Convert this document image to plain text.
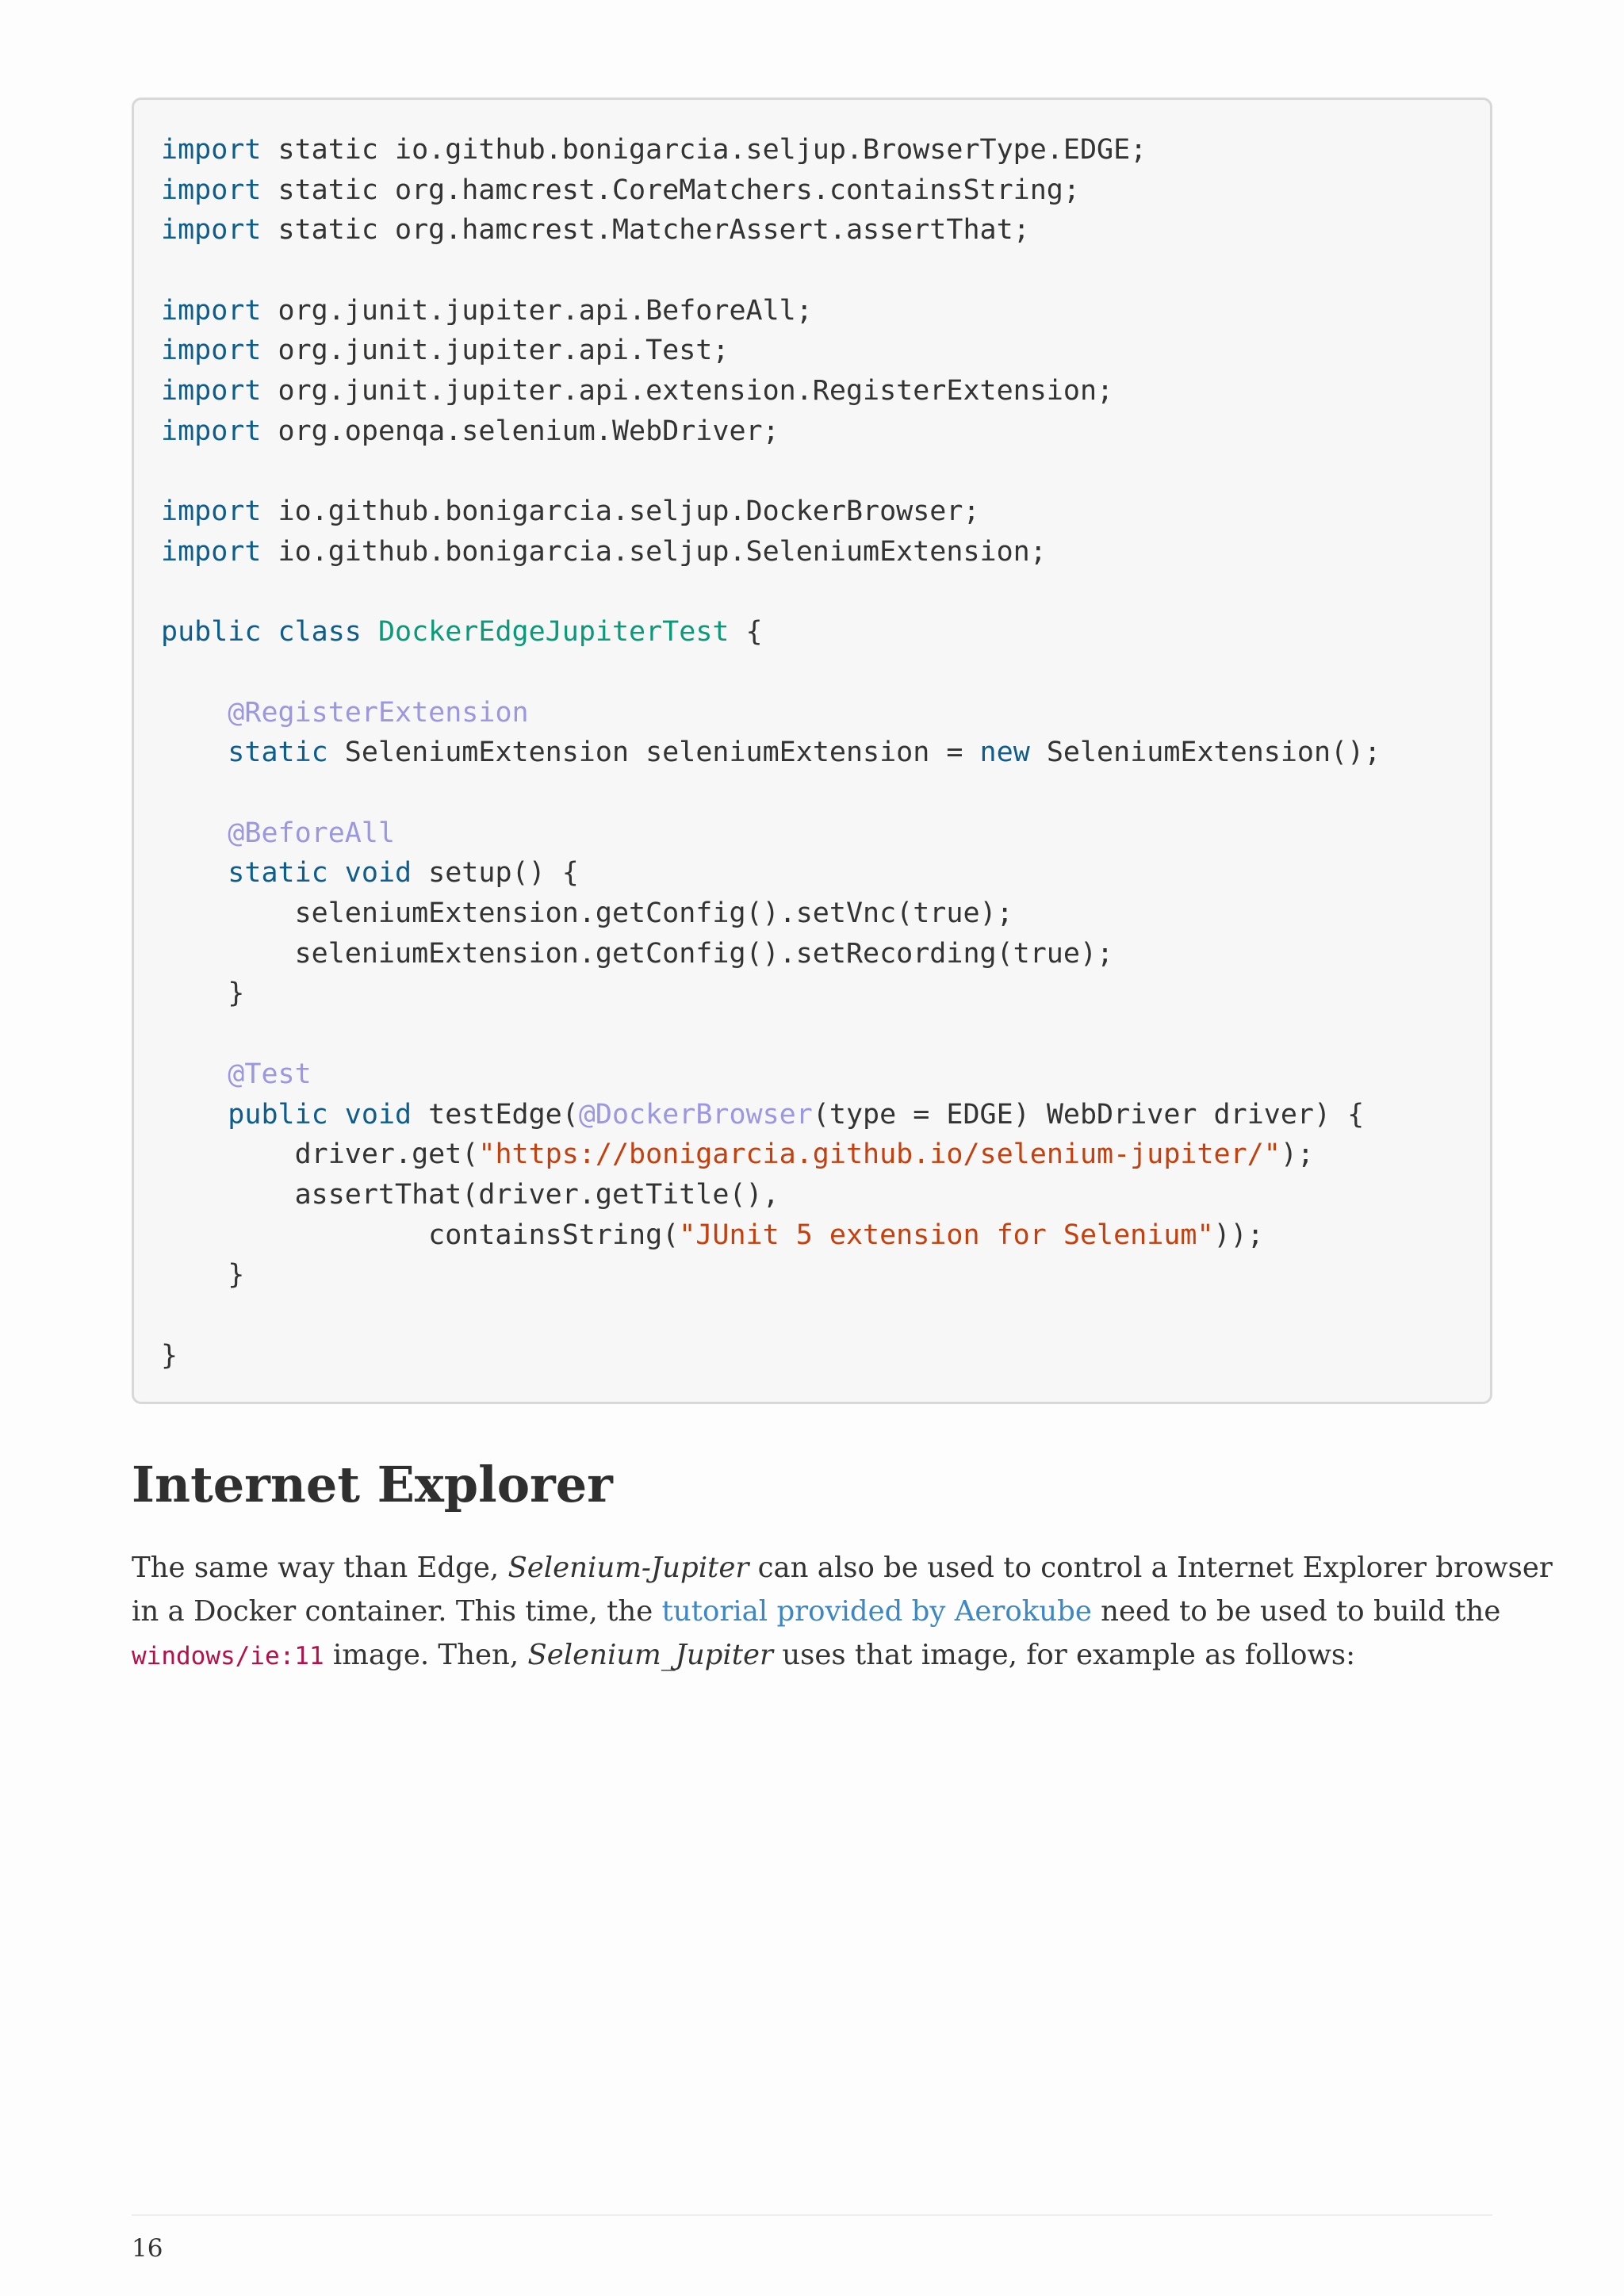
import static io.github.bonigarcia.seljup.BrowserType.EDGE;
import static org.hamcrest.CoreMatchers.containsString;
import static org.hamcrest.MatcherAssert.assertThat;

import org.junit.jupiter.api.BeforeAll;
import org.junit.jupiter.api.Test;
import org.junit.jupiter.api.extension.RegisterExtension;
import org.openqa.selenium.WebDriver;

import io.github.bonigarcia.seljup.DockerBrowser;
import io.github.bonigarcia.seljup.SeleniumExtension;

public class DockerEdgeJupiterTest {

@RegisterExtension
static SeleniumExtension seleniumExtension = new SeleniumExtension();

@BeforeAll
static void setup() {
seleniumExtension.getConfig().setVnc(true);
seleniumExtension.getConfig().setRecording(true);
}

@Test
public void testEdge(@DockerBrowser(type = EDGE) WebDriver driver) {
driver.get("https://bonigarcia.github.io/selenium-jupiter/");
assertThat(driver.getTitle(),
containsString("JUnit 5 extension for Selenium"));
}

}
Internet Explorer

The same way than Edge, Selenium-Jupiter can also be used to control a Internet Explorer browser
in a Docker container. This time, the tutorial provided by Aerokube need to be used to build the
windows/ie:11 image. Then, Selenium_Jupiter uses that image, for example as follows:

16
